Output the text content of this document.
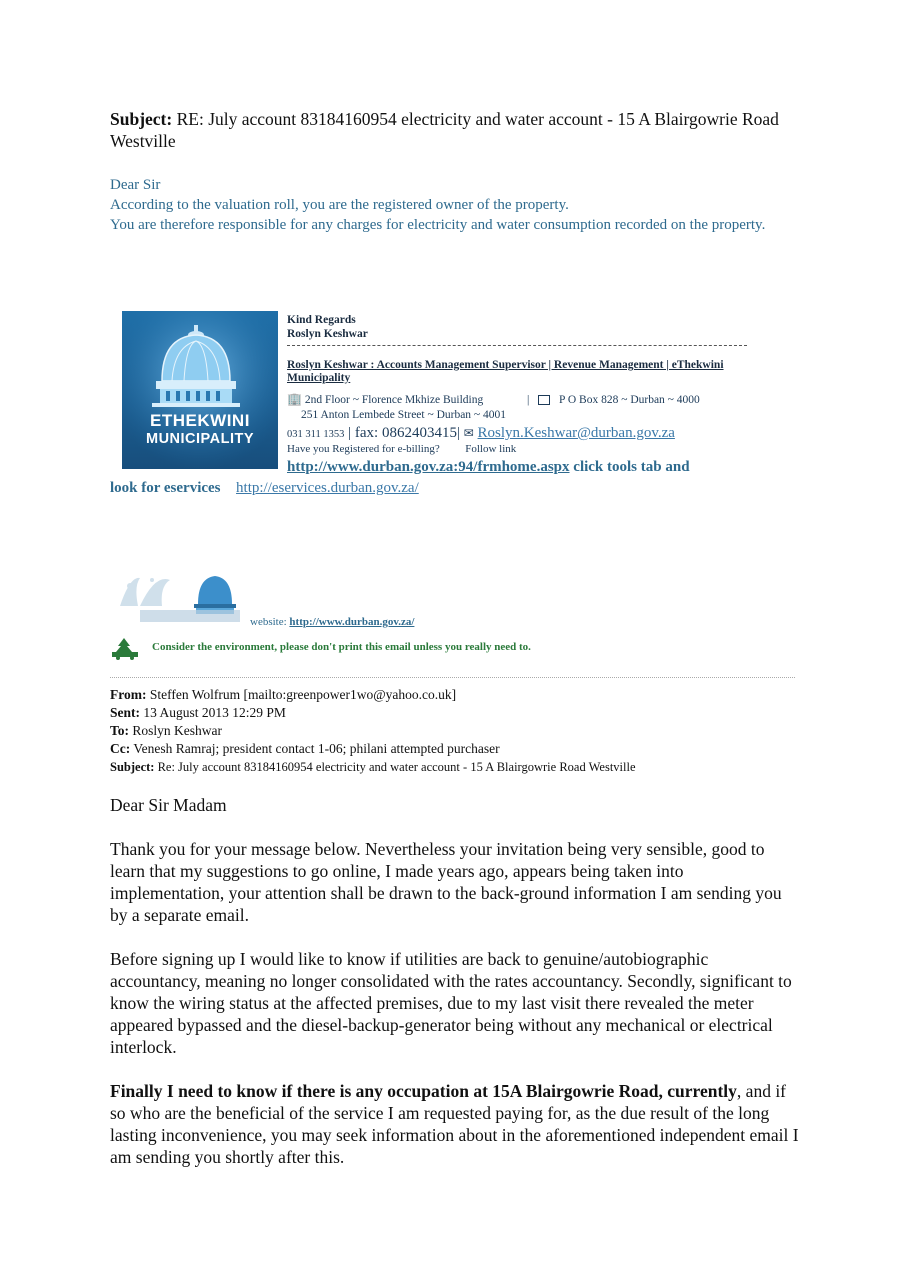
Subject: RE: July account 83184160954 electricity and water account - 15 A Blairgowrie Road Westville

Dear Sir

According to the valuation roll, you are the registered owner of the property.

You are therefore responsible for any charges for electricity and water consumption recorded on the property.

ETHEKWINI
MUNICIPALITY
Kind Regards
Roslyn Keshwar
Roslyn Keshwar : Accounts Management Supervisor | Revenue Management | eThekwini Municipality
🏢 2nd Floor ~ Florence Mkhize Building	|	P O Box 828 ~ Durban ~ 4000
251 Anton Lembede Street ~ Durban ~ 4001
031 311 1353 | fax: 0862403415| ✉ Roslyn.Keshwar@durban.gov.za
Have you Registered for e-billing? Follow link
http://www.durban.gov.za:94/frmhome.aspx click tools tab and
look for eservices http://eservices.durban.gov.za/
website: http://www.durban.gov.za/
Consider the environment, please don't print this email unless you really need to.
From: Steffen Wolfrum [mailto:greenpower1wo@yahoo.co.uk]
Sent: 13 August 2013 12:29 PM
To: Roslyn Keshwar
Cc: Venesh Ramraj; president contact 1-06; philani attempted purchaser
Subject: Re: July account 83184160954 electricity and water account - 15 A Blairgowrie Road Westville

Dear Sir Madam

Thank you for your message below. Nevertheless your invitation being very sensible, good to learn that my suggestions to go online, I made years ago, appears being taken into implementation, your attention shall be drawn to the back-ground information I am sending you by a separate email.

Before signing up I would like to know if utilities are back to genuine/autobiographic accountancy, meaning no longer consolidated with the rates accountancy. Secondly, significant to know the wiring status at the affected premises, due to my last visit there revealed the meter appeared bypassed and the diesel-backup-generator being without any mechanical or electrical interlock.

Finally I need to know if there is any occupation at 15A Blairgowrie Road, currently, and if so who are the beneficial of the service I am requested paying for, as the due result of the long lasting inconvenience, you may seek information about in the aforementioned independent email I am sending you shortly after this.
